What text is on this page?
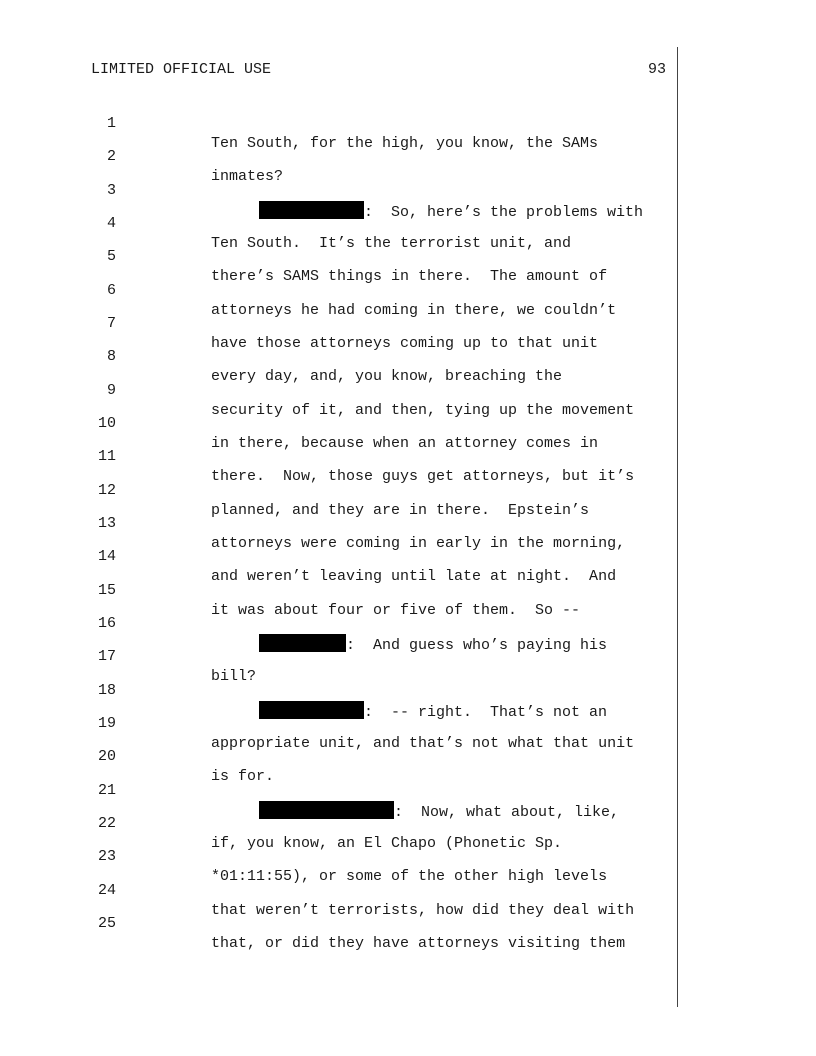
LIMITED OFFICIAL USE	93

1

Ten South, for the high, you know, the SAMs

2

inmates?

3

:  So, here’s the problems with

4

Ten South.  It’s the terrorist unit, and

5

there’s SAMS things in there.  The amount of

6

attorneys he had coming in there, we couldn’t

7

have those attorneys coming up to that unit

8

every day, and, you know, breaching the

9

security of it, and then, tying up the movement

10

in there, because when an attorney comes in

11

there.  Now, those guys get attorneys, but it’s

12

planned, and they are in there.  Epstein’s

13

attorneys were coming in early in the morning,

14

and weren’t leaving until late at night.  And

15

it was about four or five of them.  So --

16

:  And guess who’s paying his

17

bill?

18

:  -- right.  That’s not an

19

appropriate unit, and that’s not what that unit

20

is for.

21

:  Now, what about, like,

22

if, you know, an El Chapo (Phonetic Sp.

23

*01:11:55), or some of the other high levels

24

that weren’t terrorists, how did they deal with

25

that, or did they have attorneys visiting them
